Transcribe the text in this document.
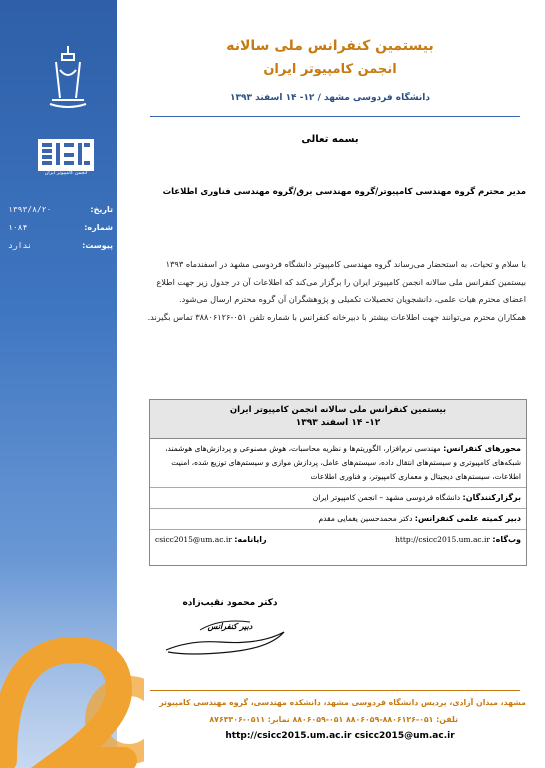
انجمن کامپیوتر ایران
تاریخ:
۱۳۹۳/۸/۲۰
شماره:
۱۰۸۴
پیوست:
ندارد
بیستمین کنفرانس ملی سالانه
انجمن کامپیوتر ایران
دانشگاه فردوسی مشهد / ۱۲- ۱۴ اسفند ۱۳۹۳
بسمه تعالی
مدیر محترم گروه مهندسی کامپیوتر/گروه مهندسی برق/گروه مهندسی فناوری اطلاعات
با سلام و تحیات، به استحضار می‌رساند گروه مهندسی کامپیوتر دانشگاه فردوسی مشهد در اسفندماه ۱۳۹۳ بیستمین کنفرانس ملی سالانه انجمن کامپیوتر ایران را برگزار می‌کند که اطلاعات آن در جدول زیر جهت اطلاع اعضای محترم هیات علمی، دانشجویان تحصیلات تکمیلی و پژوهشگران آن گروه محترم ارسال می‌شود.
همکاران محترم می‌توانند جهت اطلاعات بیشتر با دبیرخانه کنفرانس با شماره تلفن ۰۵۱-۳۸۸۰۶۱۲۶ تماس بگیرند.
بیستمین کنفرانس ملی سالانه انجمن کامپیوتر ایران
۱۲- ۱۴ اسفند ۱۳۹۳
محورهای کنفرانس: مهندسی نرم‌افزار، الگوریتم‌ها و نظریه محاسبات، هوش مصنوعی و پردازش‌های هوشمند، شبکه‌های کامپیوتری و سیستم‌های انتقال داده، سیستم‌های عامل، پردازش موازی و سیستم‌های توزیع شده، امنیت اطلاعات، سیستم‌های دیجیتال و معماری کامپیوتر، و فناوری اطلاعات
برگزارکنندگان: دانشگاه فردوسی مشهد – انجمن کامپیوتر ایران
دبیر کمیته علمی کنفرانس: دکتر محمدحسین یغمایی مقدم
وب‌گاه: http://csicc2015.um.ac.ir
رایانامه: csicc2015@um.ac.ir
دکتر محمود نقیب‌زاده
دبیر کنفرانس
مشهد، میدان آزادی، پردیس دانشگاه فردوسی مشهد، دانشکده مهندسی، گروه مهندسی کامپیوتر
تلفن: ۰۵۱-۸۸۰۶۱۲۶-۸۸۰۶۰۵۹ ۰۵۱-۸۸۰۶۰۵۹ نمابر: ۰۵۱۱-۸۷۶۳۳۰۶
http://csicc2015.um.ac.ir csicc2015@um.ac.ir
